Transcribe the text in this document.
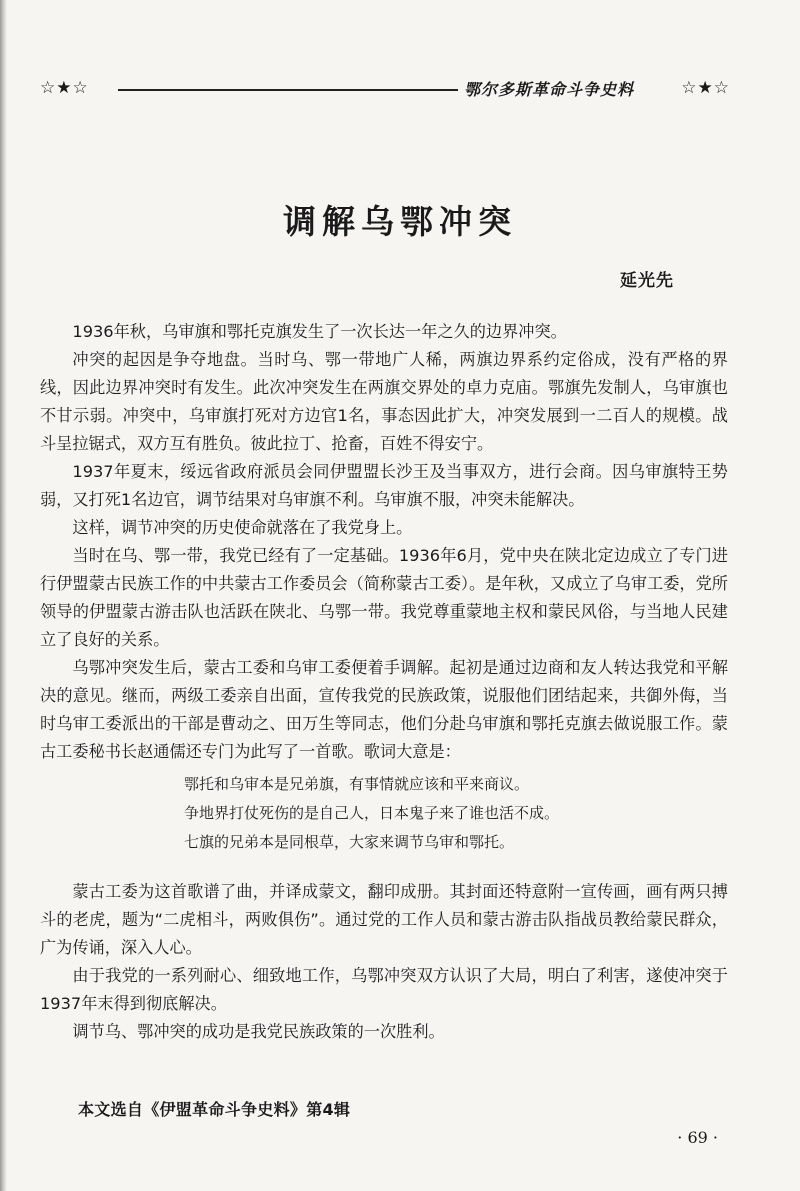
☆★☆	鄂尔多斯革命斗争史料	☆★☆
调解乌鄂冲突
延光先

1936年秋，乌审旗和鄂托克旗发生了一次长达一年之久的边界冲突。

冲突的起因是争夺地盘。当时乌、鄂一带地广人稀，两旗边界系约定俗成，没有严格的界线，因此边界冲突时有发生。此次冲突发生在两旗交界处的卓力克庙。鄂旗先发制人，乌审旗也不甘示弱。冲突中，乌审旗打死对方边官1名，事态因此扩大，冲突发展到一二百人的规模。战斗呈拉锯式，双方互有胜负。彼此拉丁、抢畜，百姓不得安宁。

1937年夏末，绥远省政府派员会同伊盟盟长沙王及当事双方，进行会商。因乌审旗特王势弱，又打死1名边官，调节结果对乌审旗不利。乌审旗不服，冲突未能解决。

这样，调节冲突的历史使命就落在了我党身上。

当时在乌、鄂一带，我党已经有了一定基础。1936年6月，党中央在陕北定边成立了专门进行伊盟蒙古民族工作的中共蒙古工作委员会（简称蒙古工委）。是年秋，又成立了乌审工委，党所领导的伊盟蒙古游击队也活跃在陕北、乌鄂一带。我党尊重蒙地主权和蒙民风俗，与当地人民建立了良好的关系。

乌鄂冲突发生后，蒙古工委和乌审工委便着手调解。起初是通过边商和友人转达我党和平解决的意见。继而，两级工委亲自出面，宣传我党的民族政策，说服他们团结起来，共御外侮，当时乌审工委派出的干部是曹动之、田万生等同志，他们分赴乌审旗和鄂托克旗去做说服工作。蒙古工委秘书长赵通儒还专门为此写了一首歌。歌词大意是：

鄂托和乌审本是兄弟旗，有事情就应该和平来商议。
争地界打仗死伤的是自己人，日本鬼子来了谁也活不成。
七旗的兄弟本是同根草，大家来调节乌审和鄂托。

蒙古工委为这首歌谱了曲，并译成蒙文，翻印成册。其封面还特意附一宣传画，画有两只搏斗的老虎，题为“二虎相斗，两败俱伤”。通过党的工作人员和蒙古游击队指战员教给蒙民群众，广为传诵，深入人心。

由于我党的一系列耐心、细致地工作，乌鄂冲突双方认识了大局，明白了利害，遂使冲突于1937年末得到彻底解决。

调节乌、鄂冲突的成功是我党民族政策的一次胜利。

本文选自《伊盟革命斗争史料》第4辑
· 69 ·
